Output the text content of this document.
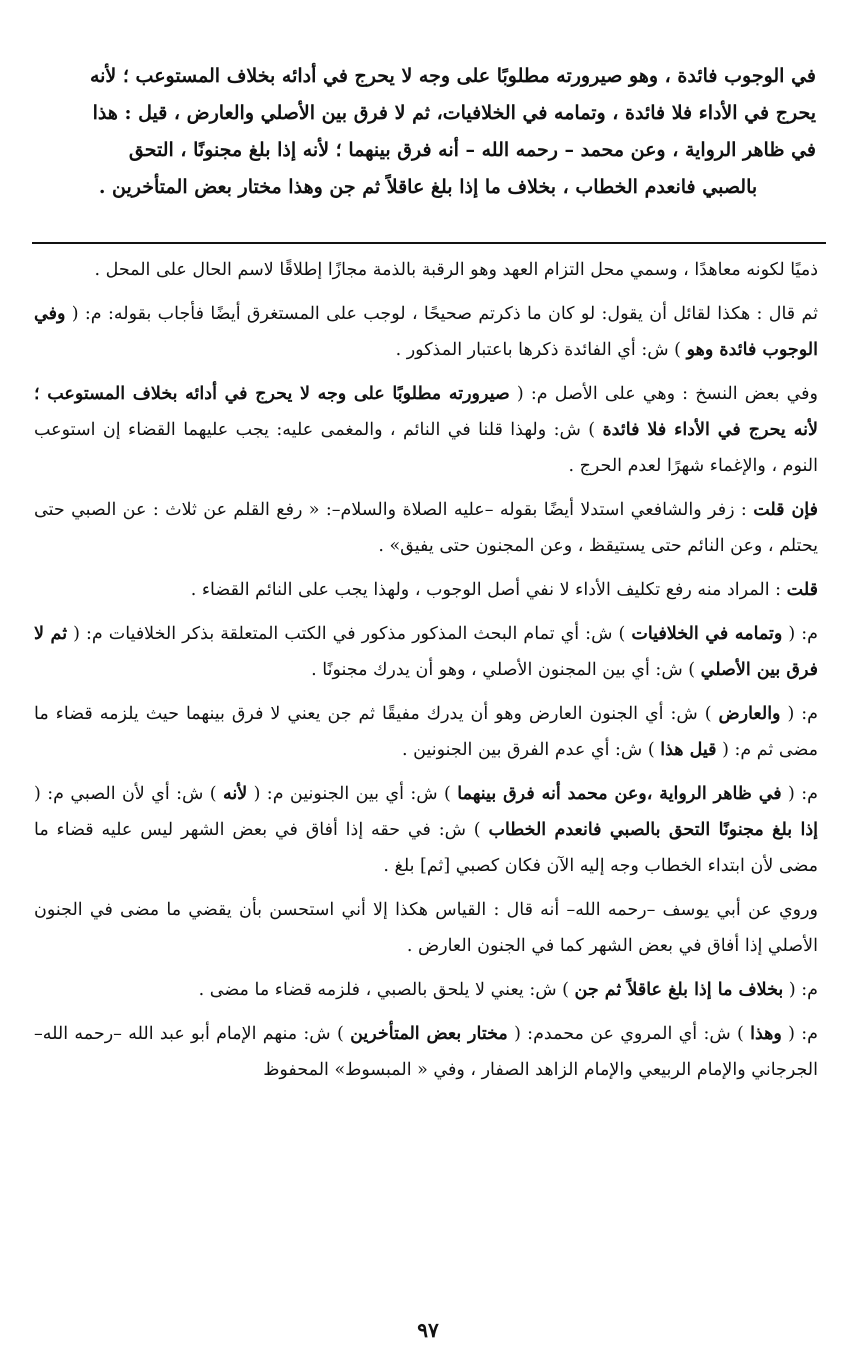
في الوجوب فائدة ، وهو صيرورته مطلوبًا على وجه لا يحرج في أدائه بخلاف المستوعب ؛ لأنه

يحرج في الأداء فلا فائدة ، وتمامه في الخلافيات، ثم لا فرق بين الأصلي والعارض ، قيل : هذا

في ظاهر الرواية ، وعن محمد – رحمه الله – أنه فرق بينهما ؛ لأنه إذا بلغ مجنونًا ، التحق

بالصبي فانعدم الخطاب ، بخلاف ما إذا بلغ عاقلاً ثم جن وهذا مختار بعض المتأخرين .

ذميًا لكونه معاهدًا ، وسمي محل التزام العهد وهو الرقبة بالذمة مجازًا إطلاقًا لاسم الحال على المحل .

ثم قال : هكذا لقائل أن يقول: لو كان ما ذكرتم صحيحًا ، لوجب على المستغرق أيضًا فأجاب بقوله: م: ( وفي الوجوب فائدة وهو ) ش: أي الفائدة ذكرها باعتبار المذكور .

وفي بعض النسخ : وهي على الأصل م: ( صيرورته مطلوبًا على وجه لا يحرج في أدائه بخلاف المستوعب ؛ لأنه يحرج في الأداء فلا فائدة ) ش: ولهذا قلنا في النائم ، والمغمى عليه: يجب عليهما القضاء إن استوعب النوم ، والإغماء شهرًا لعدم الحرج .

فإن قلت : زفر والشافعي استدلا أيضًا بقوله –عليه الصلاة والسلام–: « رفع القلم عن ثلاث : عن الصبي حتى يحتلم ، وعن النائم حتى يستيقظ ، وعن المجنون حتى يفيق» .

قلت : المراد منه رفع تكليف الأداء لا نفي أصل الوجوب ، ولهذا يجب على النائم القضاء .

م: ( وتمامه في الخلافيات ) ش: أي تمام البحث المذكور مذكور في الكتب المتعلقة بذكر الخلافيات م: ( ثم لا فرق بين الأصلي ) ش: أي بين المجنون الأصلي ، وهو أن يدرك مجنونًا .

م: ( والعارض ) ش: أي الجنون العارض وهو أن يدرك مفيقًا ثم جن يعني لا فرق بينهما حيث يلزمه قضاء ما مضى ثم م: ( قيل هذا ) ش: أي عدم الفرق بين الجنونين .

م: ( في ظاهر الرواية ،وعن محمد أنه فرق بينهما ) ش: أي بين الجنونين م: ( لأنه ) ش: أي لأن الصبي م: ( إذا بلغ مجنونًا التحق بالصبي فانعدم الخطاب ) ش: في حقه إذا أفاق في بعض الشهر ليس عليه قضاء ما مضى لأن ابتداء الخطاب وجه إليه الآن فكان كصبي [ثم] بلغ .

وروي عن أبي يوسف –رحمه الله– أنه قال : القياس هكذا إلا أني استحسن بأن يقضي ما مضى في الجنون الأصلي إذا أفاق في بعض الشهر كما في الجنون العارض .

م: ( بخلاف ما إذا بلغ عاقلاً ثم جن ) ش: يعني لا يلحق بالصبي ، فلزمه قضاء ما مضى .

م: ( وهذا ) ش: أي المروي عن محمدم: ( مختار بعض المتأخرين ) ش: منهم الإمام أبو عبد الله –رحمه الله– الجرجاني والإمام الربيعي والإمام الزاهد الصفار ، وفي « المبسوط» المحفوظ

٩٧
